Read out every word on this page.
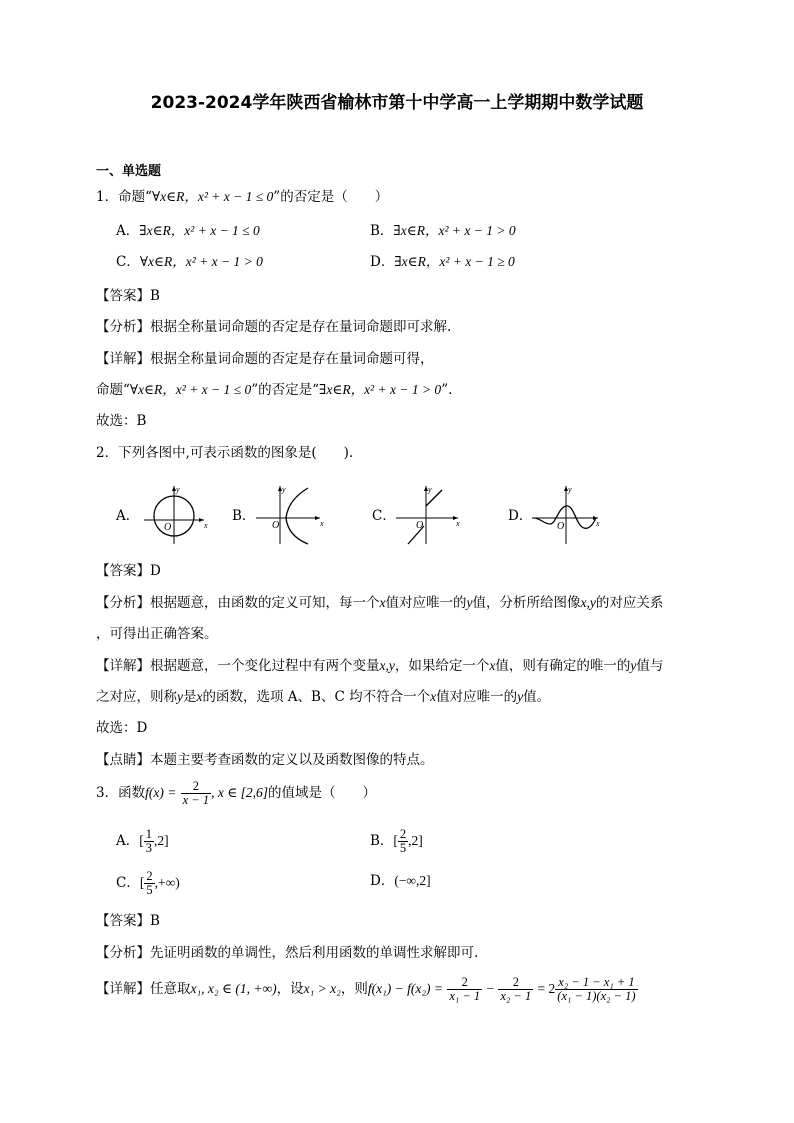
2023-2024学年陕西省榆林市第十中学高一上学期期中数学试题
一、单选题
1．命题“∀x∈R，x² + x − 1 ≤ 0”的否定是（　　）
A．∃x∈R，x² + x − 1 ≤ 0	B．∃x∈R，x² + x − 1 > 0
C．∀x∈R，x² + x − 1 > 0	D．∃x∈R，x² + x − 1 ≥ 0
【答案】B
【分析】根据全称量词命题的否定是存在量词命题即可求解.
【详解】根据全称量词命题的否定是存在量词命题可得，
命题“∀x∈R，x² + x − 1 ≤ 0”的否定是“∃x∈R，x² + x − 1 > 0”.
故选：B
2．下列各图中,可表示函数的图象是(　　).
A．
y
x
O
B．
y
x
O
C．
y
x
O
D．
y
x
O
【答案】D
【分析】根据题意，由函数的定义可知，每一个x值对应唯一的y值，分析所给图像x,y的对应关系
，可得出正确答案。
【详解】根据题意，一个变化过程中有两个变量x,y，如果给定一个x值，则有确定的唯一的y值与
之对应，则称y是x的函数，选项 A、B、C 均不符合一个x值对应唯一的y值。
故选：D
【点睛】本题主要考查函数的定义以及函数图像的特点。
3．函数$f(x) = \frac{2}{x - 1}$ , x ∈ [2,6]的值域是（　　）
A．[ $\frac{1}{3} ,2$]	B．[ $\frac{2}{5} ,2$]
C．[ $\frac{2}{5}$ ,+∞)	D．(−∞,2]
【答案】B
【分析】先证明函数的单调性，然后利用函数的单调性求解即可.
【详解】任意取x₁, x₂ ∈ (1, +∞)，设x₁ > x₂，则$f(x_1) - f(x_2) = \frac{2}{\text{x₁ − 1}} - \frac{2}{\text{x₂ − 1}} = 2 \frac{\text{x₂ − 1 − x₁ + 1}}{\text{(x₁ − 1)(x₂ − 1)}}$
